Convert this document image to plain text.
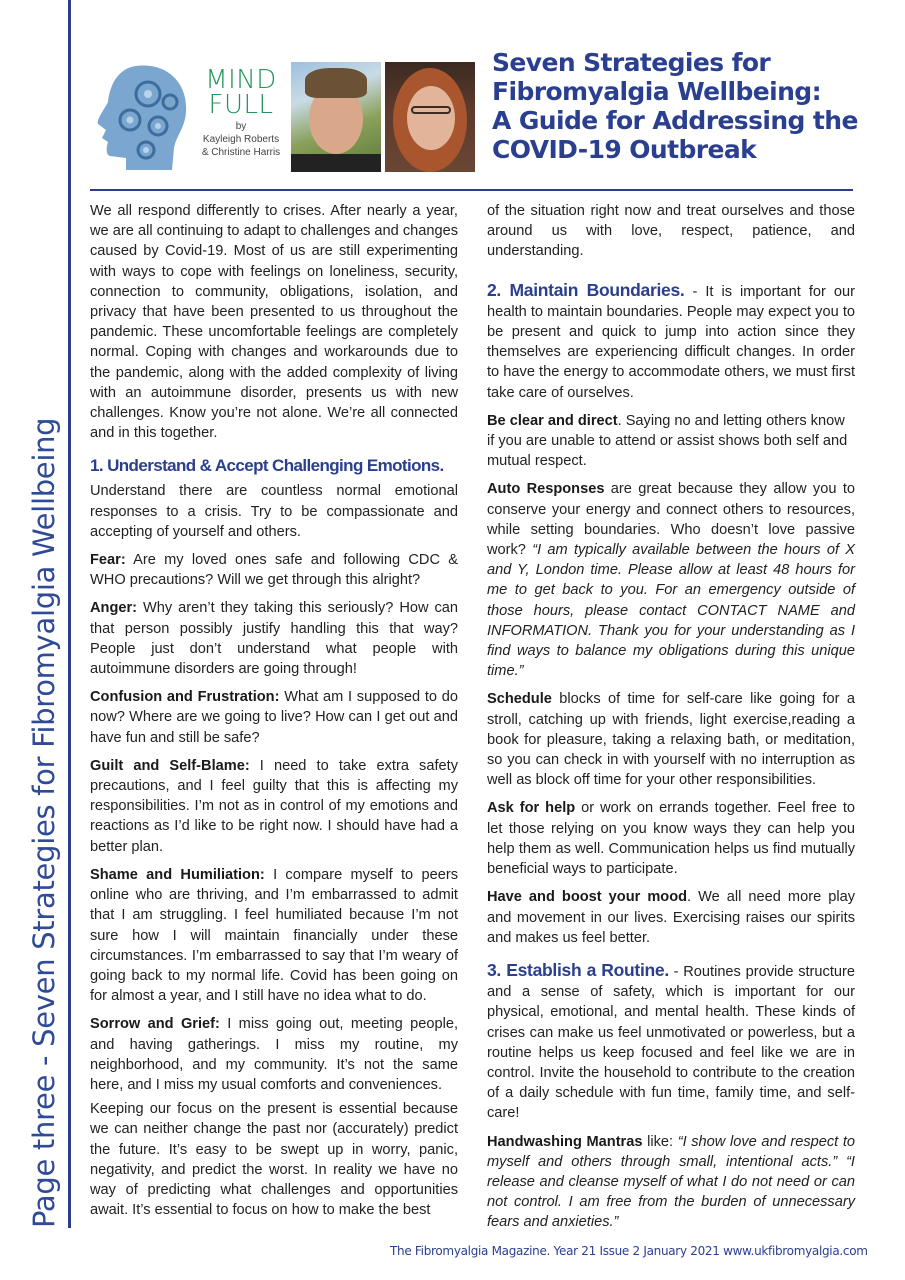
Page three - Seven Strategies for Fibromyalgia Wellbeing
MIND
FULL
by
Kayleigh Roberts
& Christine Harris
Seven Strategies for
Fibromyalgia Wellbeing:
A Guide for Addressing the
COVID-19 Outbreak

We all respond differently to crises. After nearly a year, we are all continuing to adapt to challenges and changes caused by Covid-19. Most of us are still experimenting with ways to cope with feelings on loneliness, security, connection to community, obligations, isolation, and privacy that have been presented to us throughout the pandemic. These uncomfortable feelings are completely normal. Coping with changes and workarounds due to the pandemic, along with the added complexity of living with an autoimmune disorder, presents us with new challenges. Know you’re not alone. We’re all connected and in this together.

1. Understand & Accept Challenging Emotions.

Understand there are countless normal emotional responses to a crisis. Try to be compassionate and accepting of yourself and others.

Fear: Are my loved ones safe and following CDC & WHO precautions? Will we get through this alright?

Anger: Why aren’t they taking this seriously? How can that person possibly justify handling this that way? People just don’t understand what people with autoimmune disorders are going through!

Confusion and Frustration: What am I supposed to do now? Where are we going to live? How can I get out and have fun and still be safe?

Guilt and Self-Blame: I need to take extra safety precautions, and I feel guilty that this is affecting my responsibilities. I’m not as in control of my emotions and reactions as I’d like to be right now. I should have had a better plan.

Shame and Humiliation: I compare myself to peers online who are thriving, and I’m embarrassed to admit that I am struggling. I feel humiliated because I’m not sure how I will maintain financially under these circumstances. I’m embarrassed to say that I’m weary of going back to my normal life. Covid has been going on for almost a year, and I still have no idea what to do.

Sorrow and Grief: I miss going out, meeting people, and having gatherings. I miss my routine, my neighborhood, and my community. It’s not the same here, and I miss my usual comforts and conveniences.

Keeping our focus on the present is essential because we can neither change the past nor (accurately) predict the future. It’s easy to be swept up in worry, panic, negativity, and predict the worst. In reality we have no way of predicting what challenges and opportunities await. It’s essential to focus on how to make the best

of the situation right now and treat ourselves and those around us with love, respect, patience, and understanding.

2. Maintain Boundaries. - It is important for our health to maintain boundaries. People may expect you to be present and quick to jump into action since they themselves are experiencing difficult changes. In order to have the energy to accommodate others, we must first take care of ourselves.

Be clear and direct. Saying no and letting others know if you are unable to attend or assist shows both self and mutual respect.

Auto Responses are great because they allow you to conserve your energy and connect others to resources, while setting boundaries. Who doesn’t love passive work? “I am typically available between the hours of X and Y, London time. Please allow at least 48 hours for me to get back to you. For an emergency outside of those hours, please contact CONTACT NAME and INFORMATION. Thank you for your understanding as I find ways to balance my obligations during this unique time.”

Schedule blocks of time for self-care like going for a stroll, catching up with friends, light exercise,reading a book for pleasure, taking a relaxing bath, or meditation, so you can check in with yourself with no interruption as well as block off time for your other responsibilities.

Ask for help or work on errands together. Feel free to let those relying on you know ways they can help you help them as well. Communication helps us find mutually beneficial ways to participate.

Have and boost your mood. We all need more play and movement in our lives. Exercising raises our spirits and makes us feel better.

3. Establish a Routine. - Routines provide structure and a sense of safety, which is important for our physical, emotional, and mental health. These kinds of crises can make us feel unmotivated or powerless, but a routine helps us keep focused and feel like we are in control. Invite the household to contribute to the creation of a daily schedule with fun time, family time, and self-care!

Handwashing Mantras like: “I show love and respect to myself and others through small, intentional acts.” “I release and cleanse myself of what I do not need or can not control. I am free from the burden of unnecessary fears and anxieties.”

The Fibromyalgia Magazine. Year 21 Issue 2 January 2021 www.ukfibromyalgia.com
